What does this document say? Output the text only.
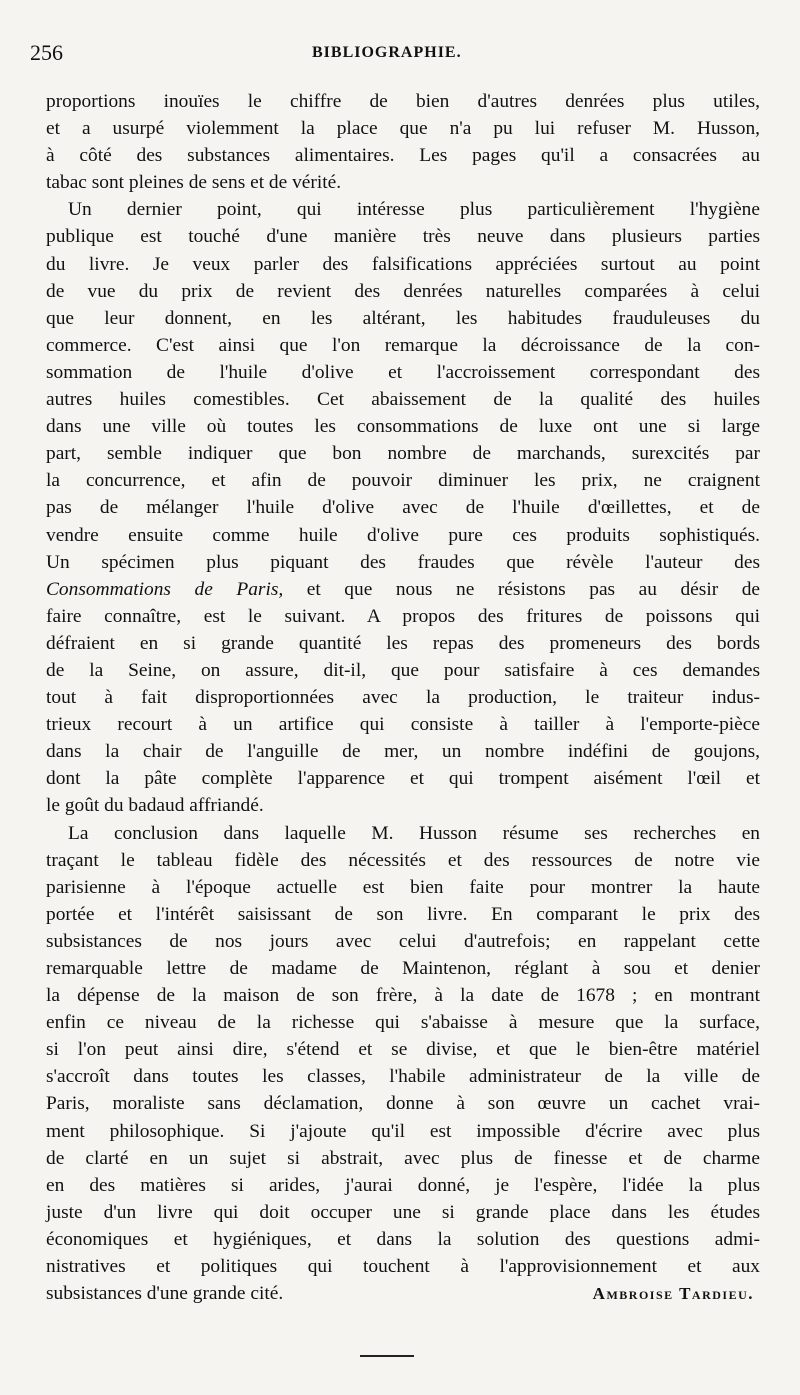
256	BIBLIOGRAPHIE.
proportions inouïes le chiffre de bien d'autres denrées plus utiles,
et a usurpé violemment la place que n'a pu lui refuser M. Husson,
à côté des substances alimentaires. Les pages qu'il a consacrées au
tabac sont pleines de sens et de vérité.
Un dernier point, qui intéresse plus particulièrement l'hygiène
publique est touché d'une manière très neuve dans plusieurs parties
du livre. Je veux parler des falsifications appréciées surtout au point
de vue du prix de revient des denrées naturelles comparées à celui
que leur donnent, en les altérant, les habitudes frauduleuses du
commerce. C'est ainsi que l'on remarque la décroissance de la con-
sommation de l'huile d'olive et l'accroissement correspondant des
autres huiles comestibles. Cet abaissement de la qualité des huiles
dans une ville où toutes les consommations de luxe ont une si large
part, semble indiquer que bon nombre de marchands, surexcités par
la concurrence, et afin de pouvoir diminuer les prix, ne craignent
pas de mélanger l'huile d'olive avec de l'huile d'œillettes, et de
vendre ensuite comme huile d'olive pure ces produits sophistiqués.
Un spécimen plus piquant des fraudes que révèle l'auteur des
Consommations de Paris, et que nous ne résistons pas au désir de
faire connaître, est le suivant. A propos des fritures de poissons qui
défraient en si grande quantité les repas des promeneurs des bords
de la Seine, on assure, dit-il, que pour satisfaire à ces demandes
tout à fait disproportionnées avec la production, le traiteur indus-
trieux recourt à un artifice qui consiste à tailler à l'emporte-pièce
dans la chair de l'anguille de mer, un nombre indéfini de goujons,
dont la pâte complète l'apparence et qui trompent aisément l'œil et
le goût du badaud affriandé.
La conclusion dans laquelle M. Husson résume ses recherches en
traçant le tableau fidèle des nécessités et des ressources de notre vie
parisienne à l'époque actuelle est bien faite pour montrer la haute
portée et l'intérêt saisissant de son livre. En comparant le prix des
subsistances de nos jours avec celui d'autrefois; en rappelant cette
remarquable lettre de madame de Maintenon, réglant à sou et denier
la dépense de la maison de son frère, à la date de 1678 ; en montrant
enfin ce niveau de la richesse qui s'abaisse à mesure que la surface,
si l'on peut ainsi dire, s'étend et se divise, et que le bien-être matériel
s'accroît dans toutes les classes, l'habile administrateur de la ville de
Paris, moraliste sans déclamation, donne à son œuvre un cachet vrai-
ment philosophique. Si j'ajoute qu'il est impossible d'écrire avec plus
de clarté en un sujet si abstrait, avec plus de finesse et de charme
en des matières si arides, j'aurai donné, je l'espère, l'idée la plus
juste d'un livre qui doit occuper une si grande place dans les études
économiques et hygiéniques, et dans la solution des questions admi-
nistratives et politiques qui touchent à l'approvisionnement et aux
subsistances d'une grande cité.	Ambroise Tardieu.
